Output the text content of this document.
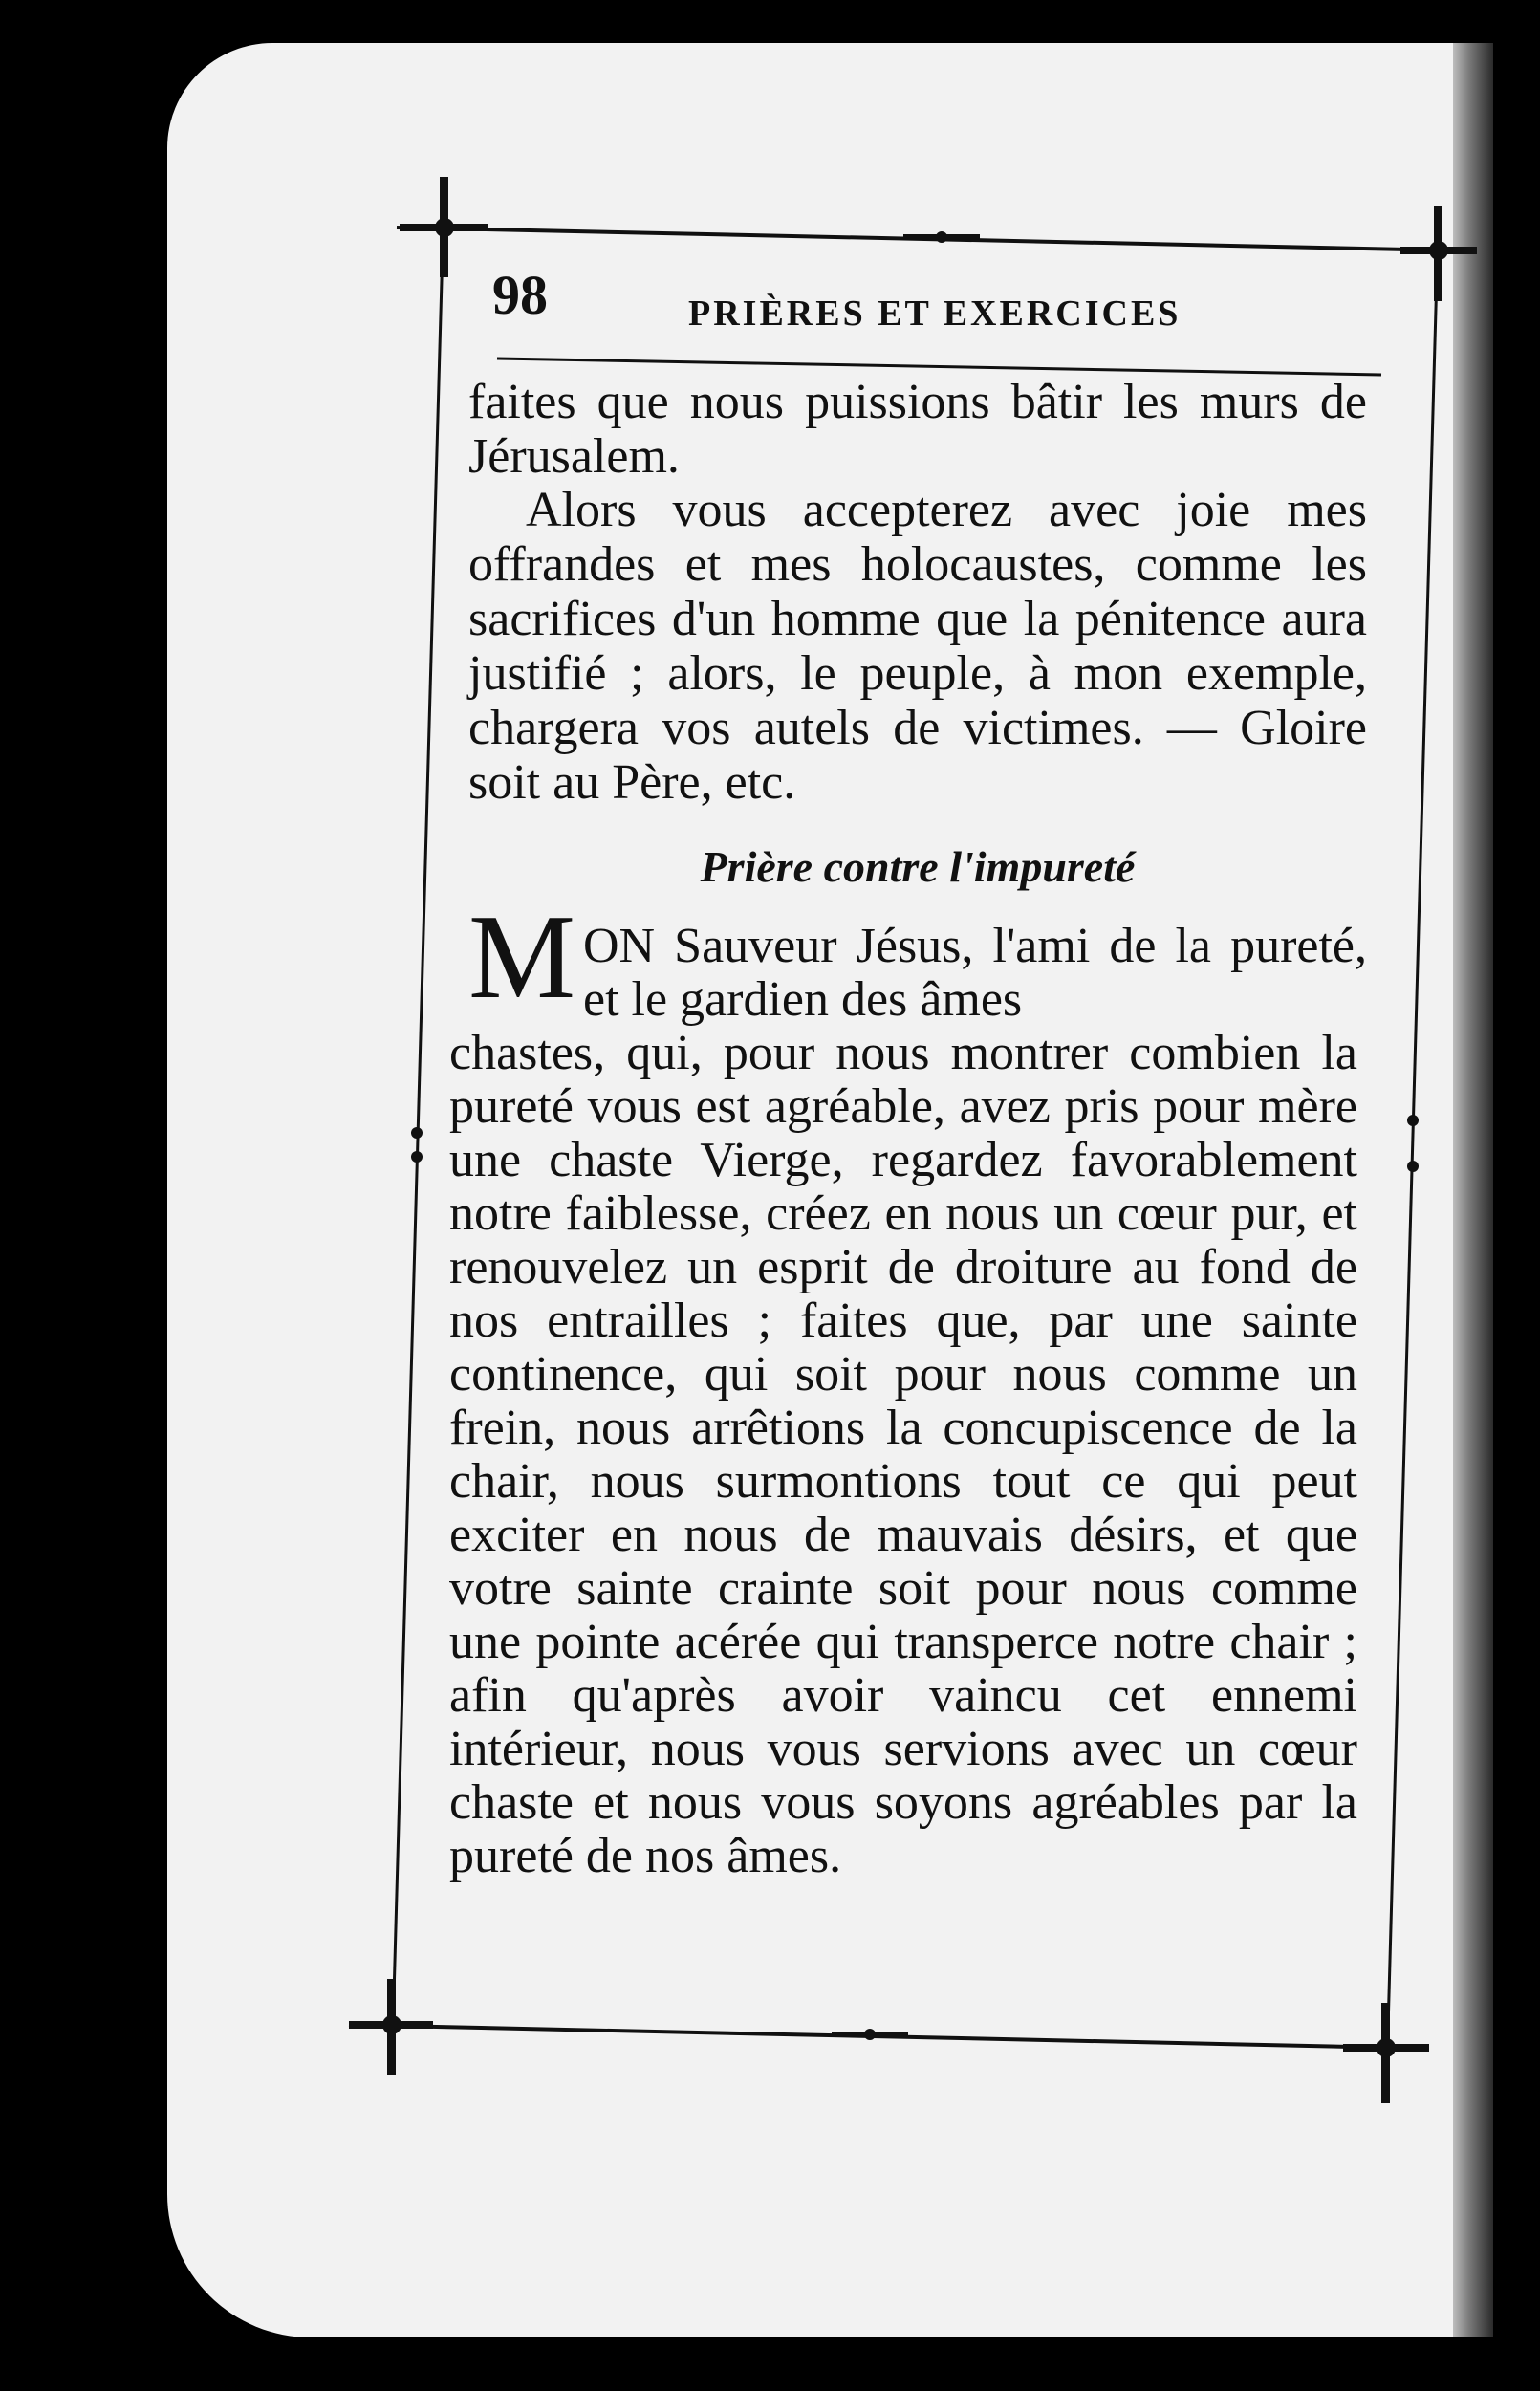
98	PRIÈRES ET EXERCICES
faites que nous puissions bâtir les murs de Jérusalem.
Alors vous accepterez avec joie mes offrandes et mes holocaustes, comme les sacrifices d'un homme que la pénitence aura justifié ; alors, le peuple, à mon exemple, chargera vos autels de victimes. — Gloire soit au Père, etc.
Prière contre l'impureté
M ON Sauveur Jésus, l'ami de la pureté, et le gardien des âmes
chastes, qui, pour nous montrer combien la pureté vous est agréable, avez pris pour mère une chaste Vierge, regardez favorablement notre faiblesse, créez en nous un cœur pur, et renouvelez un esprit de droiture au fond de nos entrailles ; faites que, par une sainte continence, qui soit pour nous comme un frein, nous arrêtions la concupiscence de la chair, nous surmontions tout ce qui peut exciter en nous de mauvais désirs, et que votre sainte crainte soit pour nous comme une pointe acérée qui transperce notre chair ; afin qu'après avoir vaincu cet ennemi intérieur, nous vous servions avec un cœur chaste et nous vous soyons agréables par la pureté de nos âmes.
